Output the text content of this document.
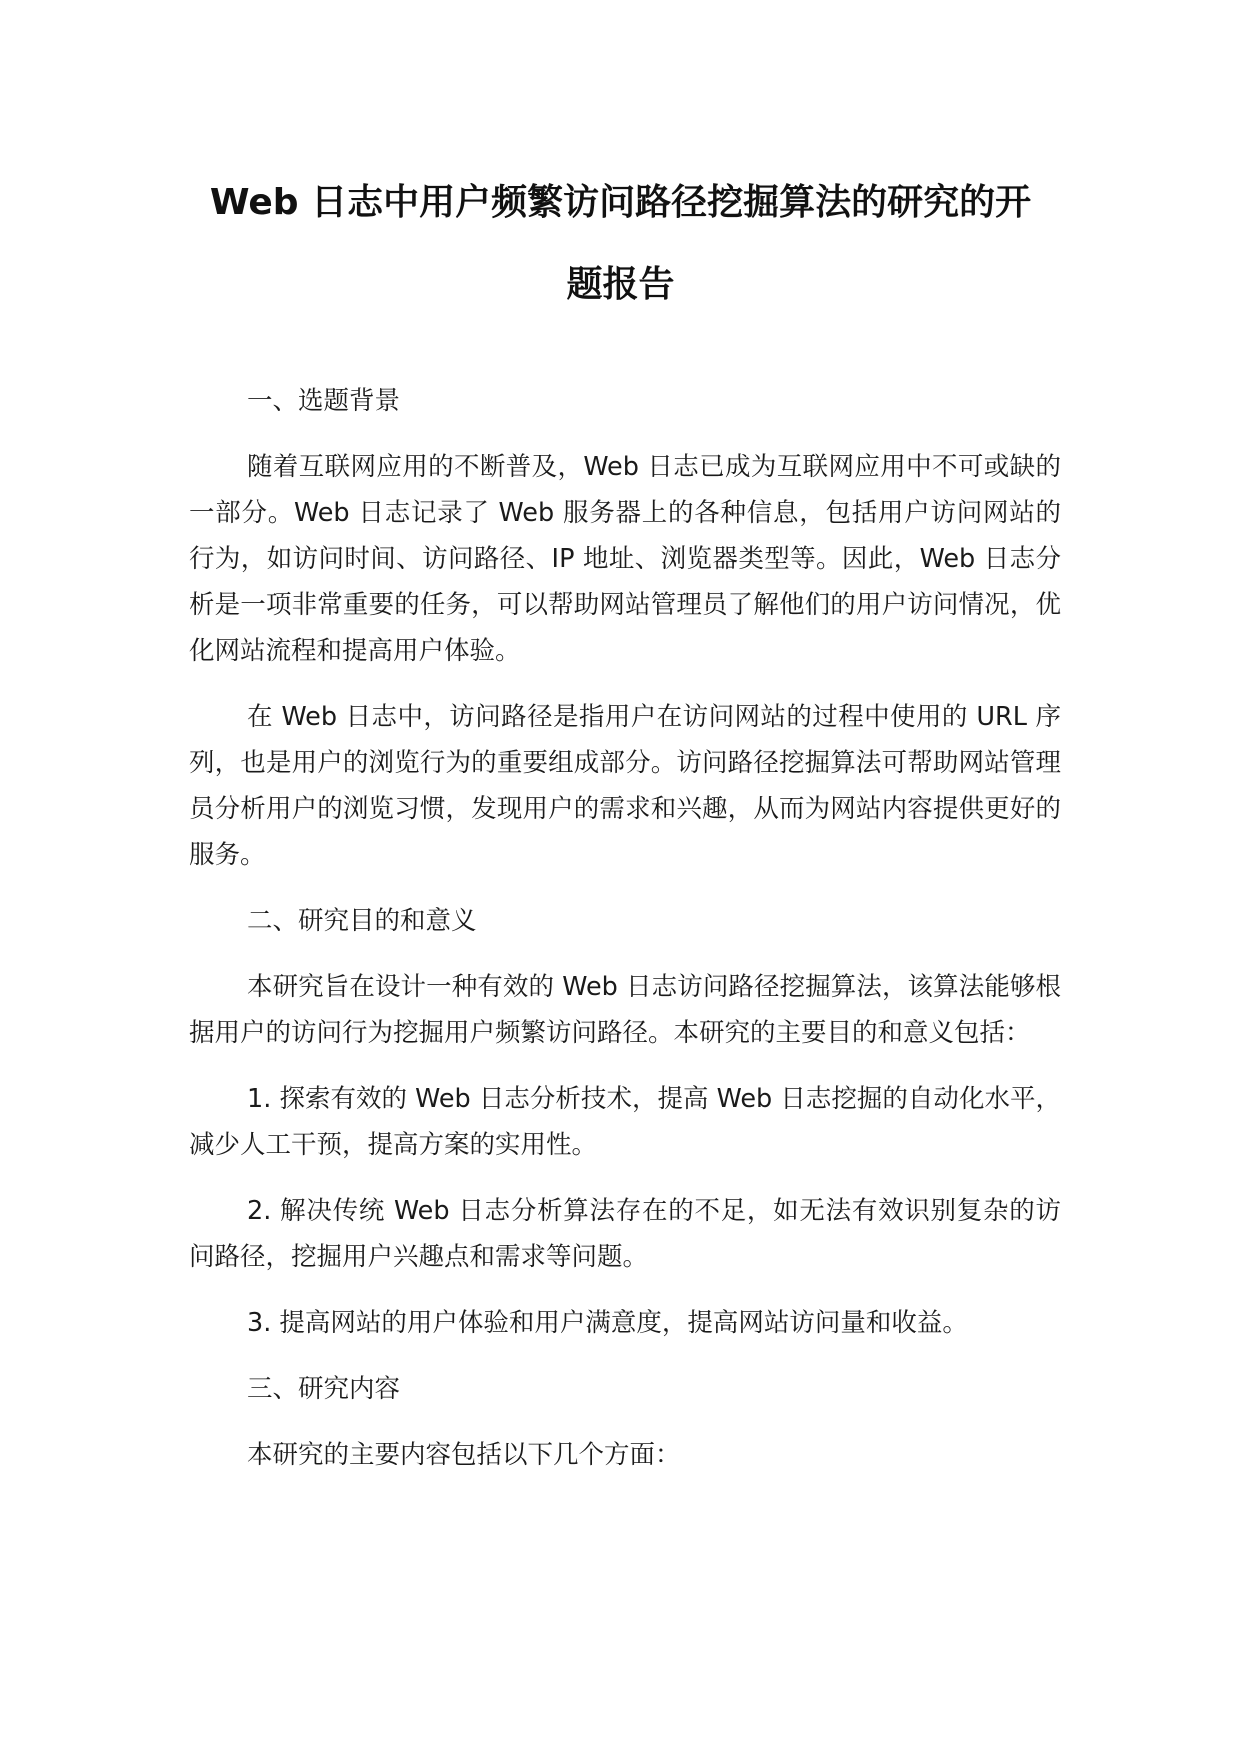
Web 日志中用户频繁访问路径挖掘算法的研究的开
题报告

一、选题背景

随着互联网应用的不断普及，Web 日志已成为互联网应用中不可或缺的一部分。Web 日志记录了 Web 服务器上的各种信息，包括用户访问网站的行为，如访问时间、访问路径、IP 地址、浏览器类型等。因此，Web 日志分析是一项非常重要的任务，可以帮助网站管理员了解他们的用户访问情况，优化网站流程和提高用户体验。

在 Web 日志中，访问路径是指用户在访问网站的过程中使用的 URL 序列，也是用户的浏览行为的重要组成部分。访问路径挖掘算法可帮助网站管理员分析用户的浏览习惯，发现用户的需求和兴趣，从而为网站内容提供更好的服务。

二、研究目的和意义

本研究旨在设计一种有效的 Web 日志访问路径挖掘算法，该算法能够根据用户的访问行为挖掘用户频繁访问路径。本研究的主要目的和意义包括：

1. 探索有效的 Web 日志分析技术，提高 Web 日志挖掘的自动化水平，减少人工干预，提高方案的实用性。

2. 解决传统 Web 日志分析算法存在的不足，如无法有效识别复杂的访问路径，挖掘用户兴趣点和需求等问题。

3. 提高网站的用户体验和用户满意度，提高网站访问量和收益。

三、研究内容

本研究的主要内容包括以下几个方面：
